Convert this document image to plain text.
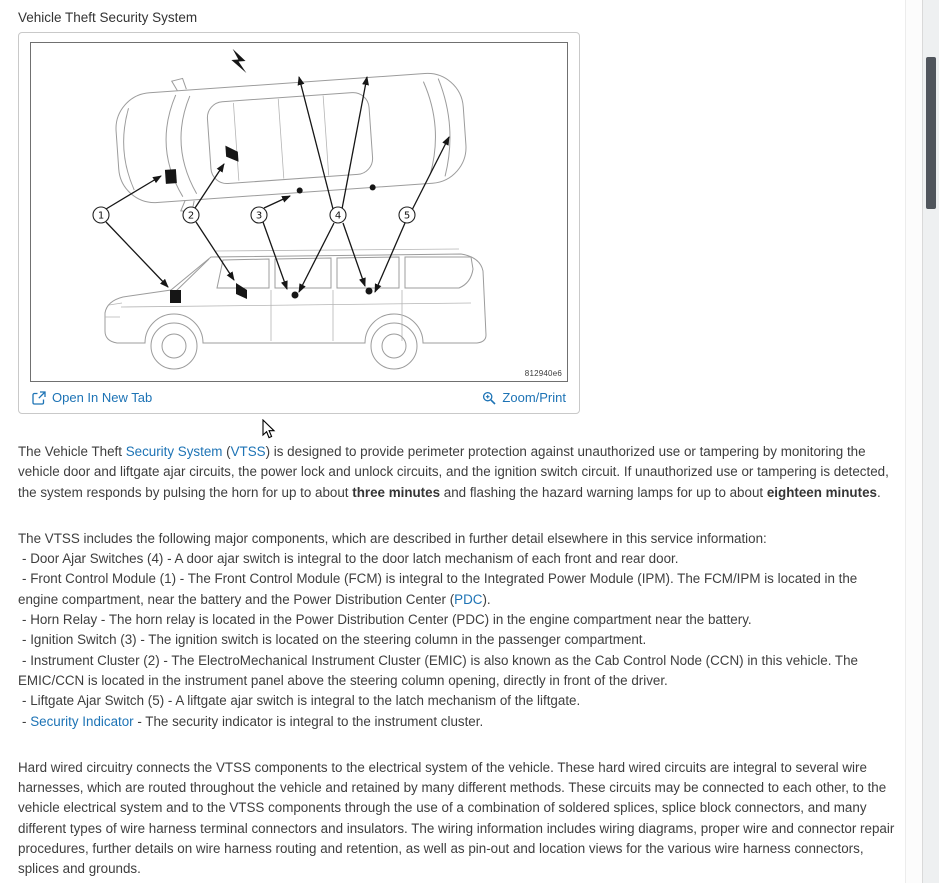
Vehicle Theft Security System
1	2	3	4	5
812940e6
Open In New Tab	Zoom/Print

The Vehicle Theft Security System (VTSS) is designed to provide perimeter protection against unauthorized use or tampering by monitoring the vehicle door and liftgate ajar circuits, the power lock and unlock circuits, and the ignition switch circuit. If unauthorized use or tampering is detected, the system responds by pulsing the horn for up to about three minutes and flashing the hazard warning lamps for up to about eighteen minutes.

The VTSS includes the following major components, which are described in further detail elsewhere in this service information:

- Door Ajar Switches (4) - A door ajar switch is integral to the door latch mechanism of each front and rear door.
- Front Control Module (1) - The Front Control Module (FCM) is integral to the Integrated Power Module (IPM). The FCM/IPM is located in the engine compartment, near the battery and the Power Distribution Center (PDC).
- Horn Relay - The horn relay is located in the Power Distribution Center (PDC) in the engine compartment near the battery.
- Ignition Switch (3) - The ignition switch is located on the steering column in the passenger compartment.
- Instrument Cluster (2) - The ElectroMechanical Instrument Cluster (EMIC) is also known as the Cab Control Node (CCN) in this vehicle. The EMIC/CCN is located in the instrument panel above the steering column opening, directly in front of the driver.
- Liftgate Ajar Switch (5) - A liftgate ajar switch is integral to the latch mechanism of the liftgate.
- Security Indicator - The security indicator is integral to the instrument cluster.

Hard wired circuitry connects the VTSS components to the electrical system of the vehicle. These hard wired circuits are integral to several wire harnesses, which are routed throughout the vehicle and retained by many different methods. These circuits may be connected to each other, to the vehicle electrical system and to the VTSS components through the use of a combination of soldered splices, splice block connectors, and many different types of wire harness terminal connectors and insulators. The wiring information includes wiring diagrams, proper wire and connector repair procedures, further details on wire harness routing and retention, as well as pin-out and location views for the various wire harness connectors, splices and grounds.
